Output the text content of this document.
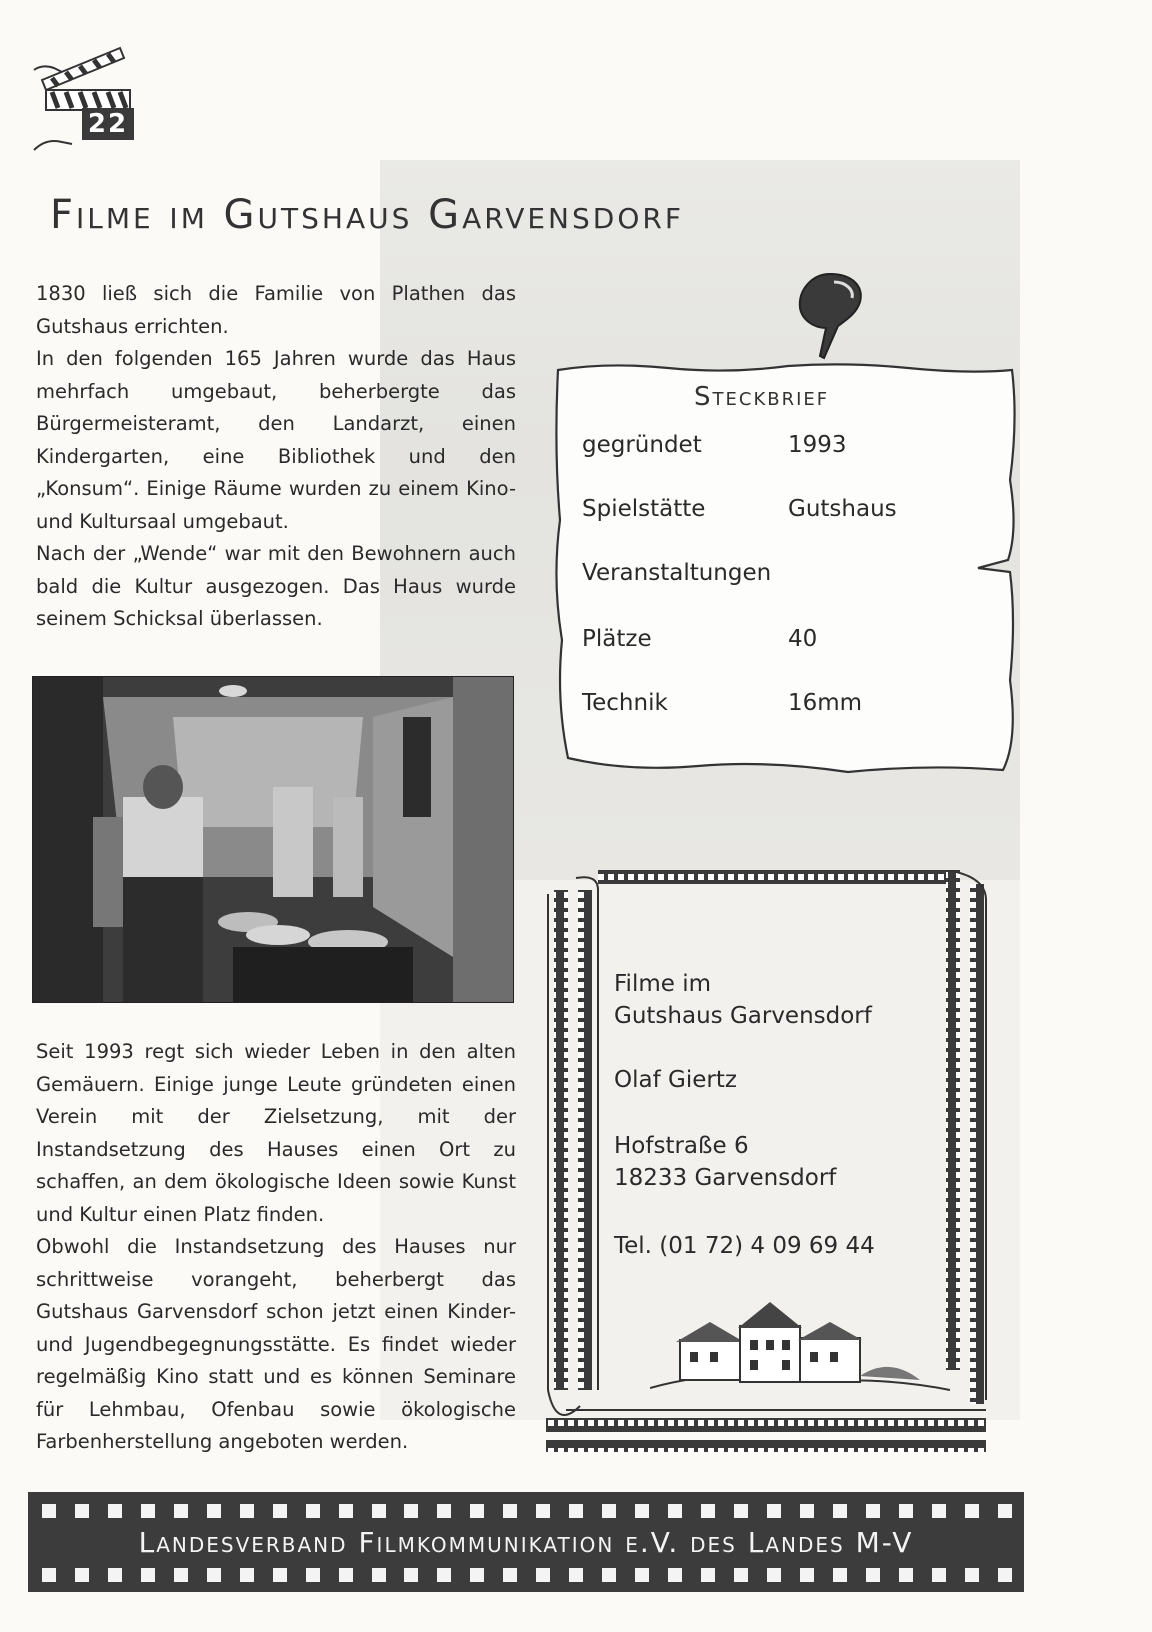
22
Filme im Gutshaus Garvensdorf

1830 ließ sich die Familie von Plathen das Gutshaus errichten.

In den folgenden 165 Jahren wurde das Haus mehrfach umgebaut, beherbergte das Bürgermeisteramt, den Landarzt, einen Kindergarten, eine Bibliothek und den „Konsum“. Einige Räume wurden zu einem Kino- und Kultursaal umgebaut.

Nach der „Wende“ war mit den Bewohnern auch bald die Kultur ausgezogen. Das Haus wurde seinem Schicksal überlassen.

Seit 1993 regt sich wieder Leben in den alten Gemäuern. Einige junge Leute gründeten einen Verein mit der Zielsetzung, mit der Instandsetzung des Hauses einen Ort zu schaffen, an dem ökologische Ideen sowie Kunst und Kultur einen Platz finden.

Obwohl die Instandsetzung des Hauses nur schrittweise vorangeht, beherbergt das Gutshaus Garvensdorf schon jetzt einen Kinder- und Jugendbegegnungsstätte. Es findet wieder regelmäßig Kino statt und es können Seminare für Lehmbau, Ofenbau sowie ökologische Farbenherstellung angeboten werden.

Steckbrief
gegründet	1993
Spielstätte	Gutshaus
Veranstaltungen
Plätze	40
Technik	16mm
Filme im
Gutshaus Garvensdorf
Olaf Giertz
Hofstraße 6
18233 Garvensdorf
Tel. (01 72) 4 09 69 44
Landesverband Filmkommunikation e.V. des Landes M-V
